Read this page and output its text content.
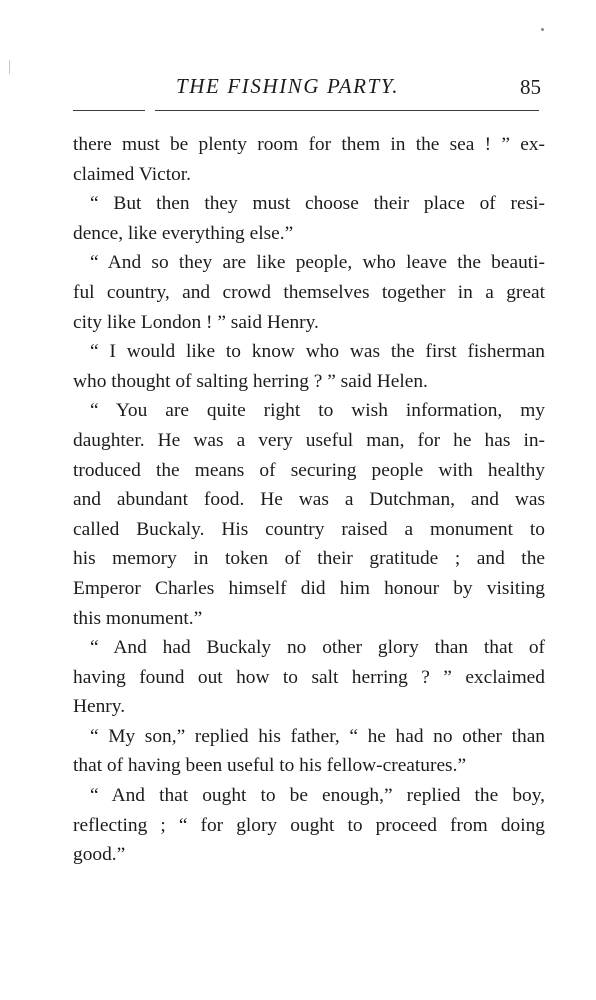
THE FISHING PARTY.	85
there must be plenty room for them in the sea ! ” ex-
claimed Victor.
“ But then they must choose their place of resi-
dence, like everything else.”
“ And so they are like people, who leave the beauti-
ful country, and crowd themselves together in a great
city like London ! ” said Henry.
“ I would like to know who was the first fisherman
who thought of salting herring ? ” said Helen.
“ You are quite right to wish information, my
daughter. He was a very useful man, for he has in-
troduced the means of securing people with healthy
and abundant food. He was a Dutchman, and was
called Buckaly. His country raised a monument to
his memory in token of their gratitude ; and the
Emperor Charles himself did him honour by visiting
this monument.”
“ And had Buckaly no other glory than that of
having found out how to salt herring ? ” exclaimed
Henry.
“ My son,” replied his father, “ he had no other than
that of having been useful to his fellow-creatures.”
“ And that ought to be enough,” replied the boy,
reflecting ; “ for glory ought to proceed from doing
good.”
